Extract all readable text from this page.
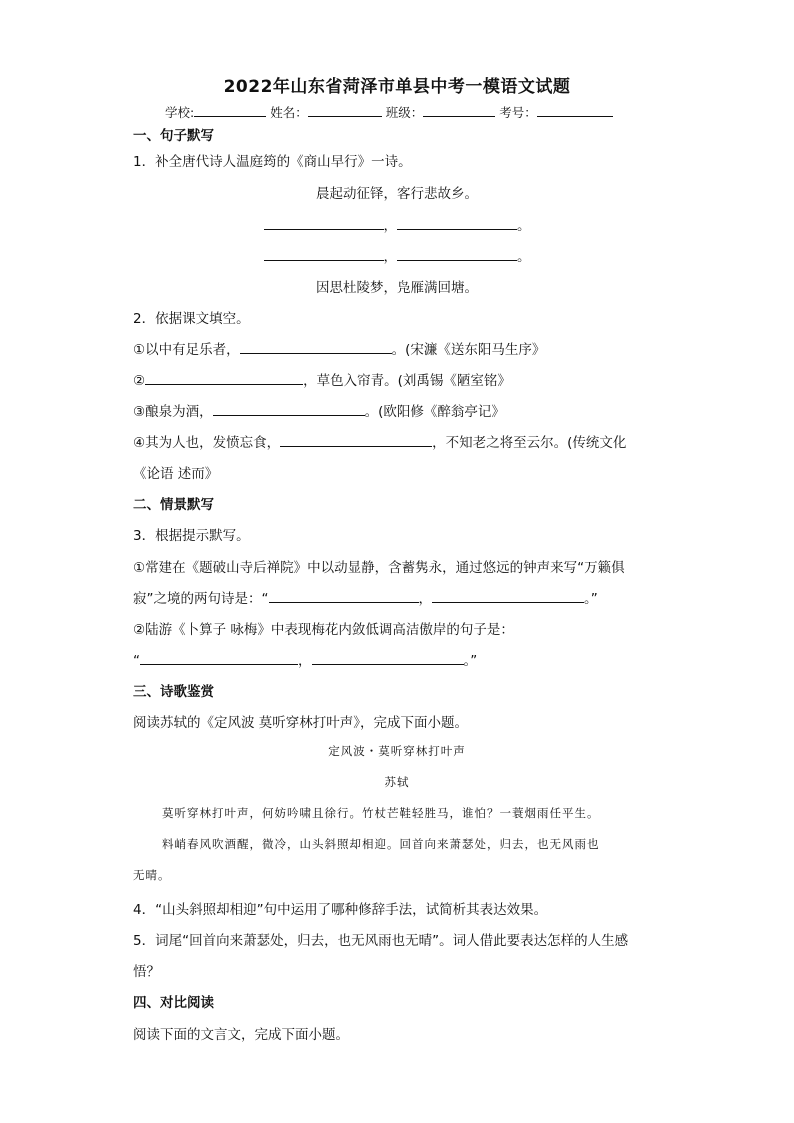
2022年山东省菏泽市单县中考一模语文试题
学校:	姓名：	班级：	考号：
一、句子默写
1．补全唐代诗人温庭筠的《商山早行》一诗。
晨起动征铎，客行悲故乡。
，	。
，	。
因思杜陵梦，凫雁满回塘。
2．依据课文填空。
①以中有足乐者，	。(宋濂《送东阳马生序》
②	，草色入帘青。(刘禹锡《陋室铭》
③酿泉为酒，	。(欧阳修《醉翁亭记》
④其为人也，发愤忘食，	，不知老之将至云尔。(传统文化
《论语 述而》
二、情景默写
3．根据提示默写。
①常建在《题破山寺后禅院》中以动显静，含蓄隽永，通过悠远的钟声来写“万籁俱
寂”之境的两句诗是：“	，	。”
②陆游《卜算子 咏梅》中表现梅花内敛低调高洁傲岸的句子是：
“	，	。”
三、诗歌鉴赏
阅读苏轼的《定风波 莫听穿林打叶声》，完成下面小题。
定风波・莫听穿林打叶声
苏轼
莫听穿林打叶声，何妨吟啸且徐行。竹杖芒鞋轻胜马，谁怕？一蓑烟雨任平生。
料峭春风吹酒醒，微冷，山头斜照却相迎。回首向来萧瑟处，归去，也无风雨也
无晴。
4．“山头斜照却相迎”句中运用了哪种修辞手法，试简析其表达效果。
5．词尾“回首向来萧瑟处，归去，也无风雨也无晴”。词人借此要表达怎样的人生感
悟？
四、对比阅读
阅读下面的文言文，完成下面小题。
